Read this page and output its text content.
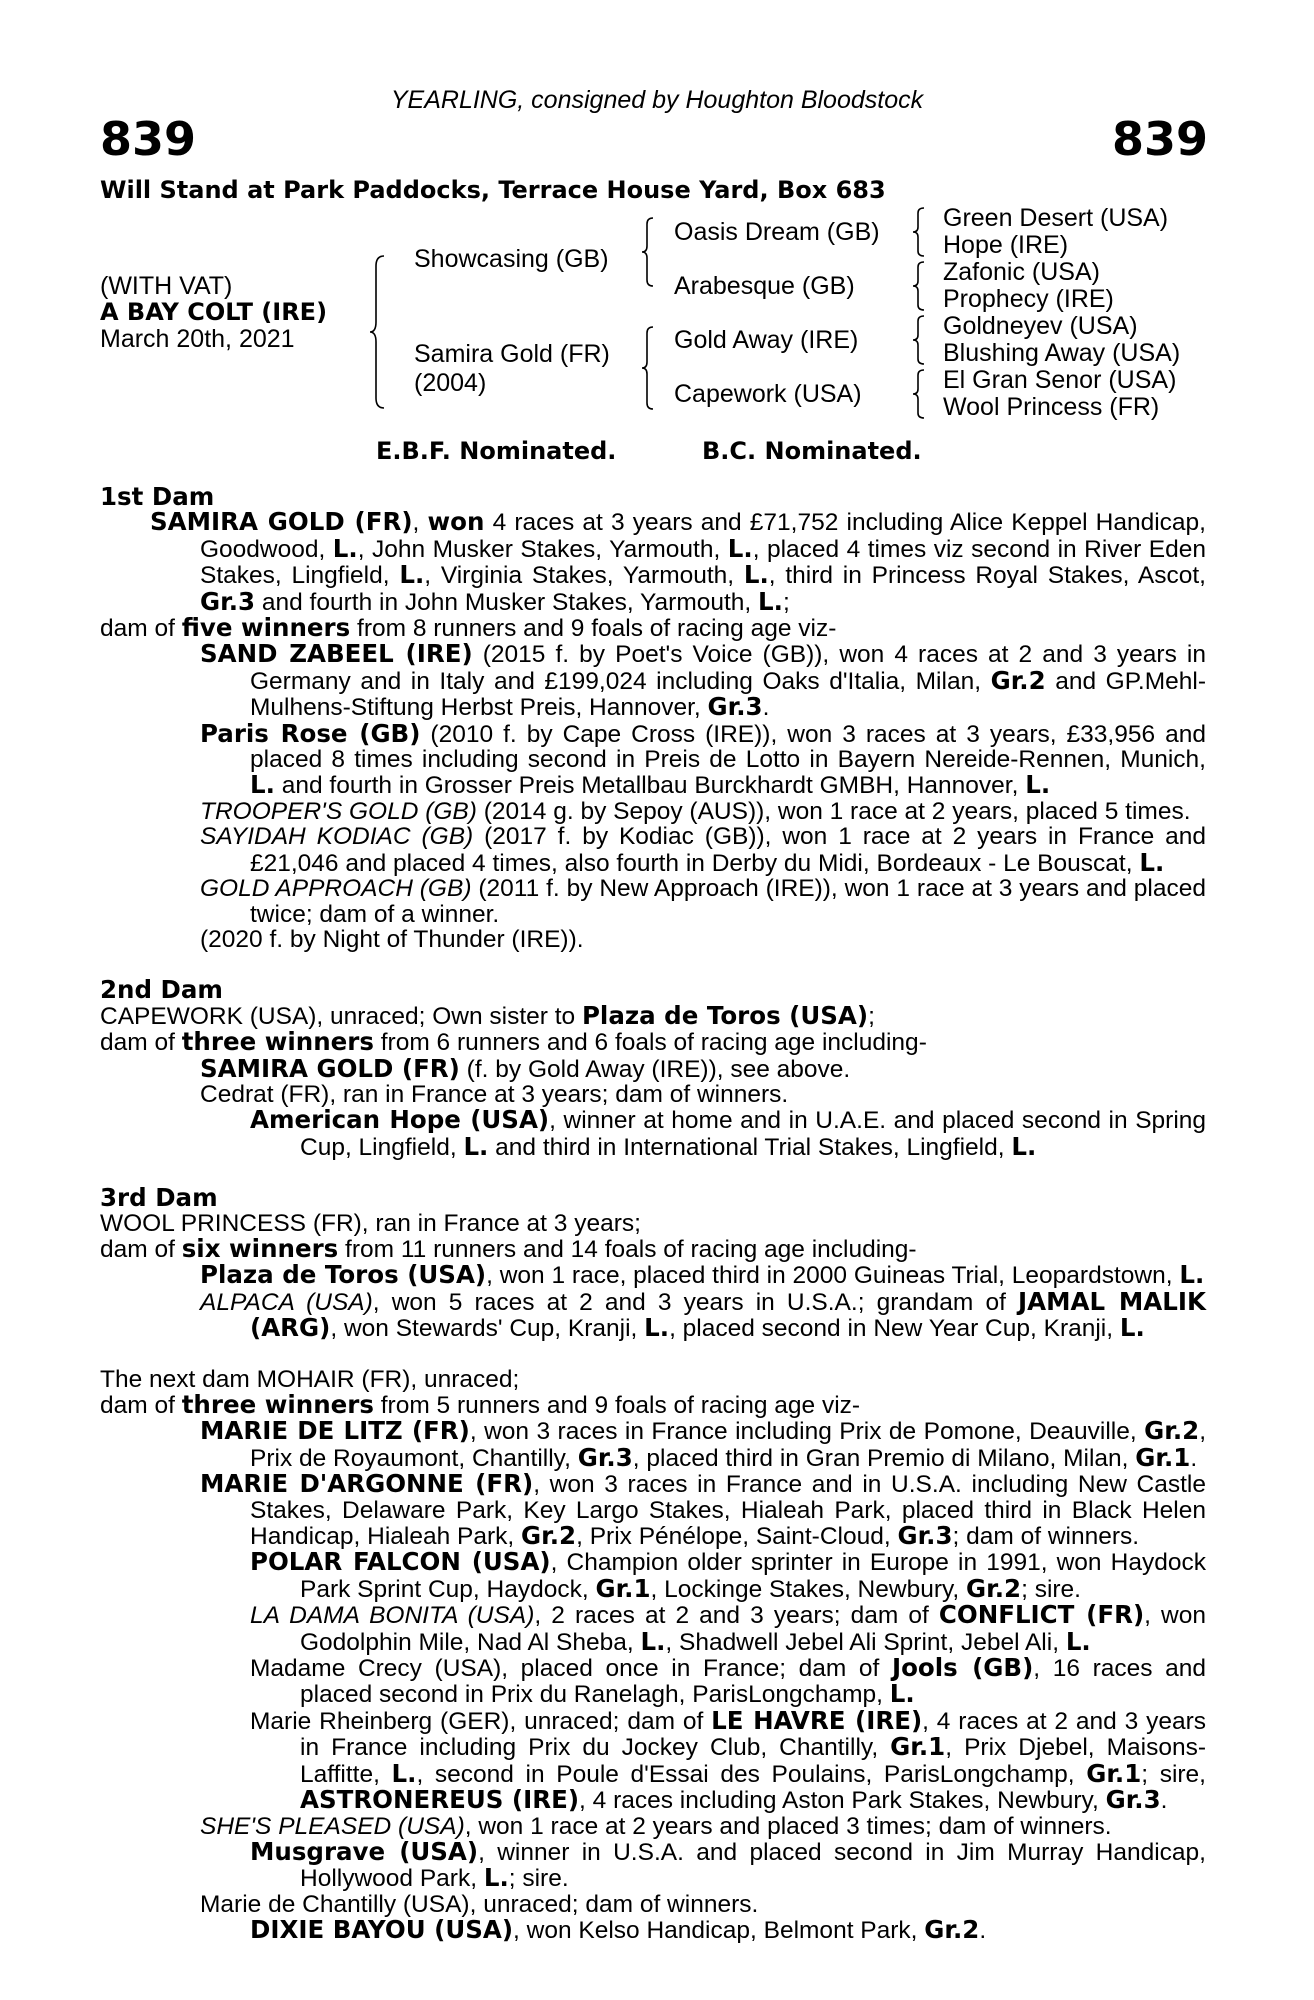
YEARLING, consigned by Houghton Bloodstock
839	839
Will Stand at Park Paddocks, Terrace House Yard, Box 683
(WITH VAT)
A BAY COLT (IRE)
March 20th, 2021
Showcasing (GB)
Samira Gold (FR)
(2004)
Oasis Dream (GB)
Arabesque (GB)
Gold Away (IRE)
Capework (USA)
Green Desert (USA)
Hope (IRE)
Zafonic (USA)
Prophecy (IRE)
Goldneyev (USA)
Blushing Away (USA)
El Gran Senor (USA)
Wool Princess (FR)
E.B.F. Nominated.	B.C. Nominated.

1st Dam

SAMIRA GOLD (FR), won 4 races at 3 years and £71,752 including Alice Keppel Handicap, Goodwood, L., John Musker Stakes, Yarmouth, L., placed 4 times viz second in River Eden Stakes, Lingfield, L., Virginia Stakes, Yarmouth, L., third in Princess Royal Stakes, Ascot, Gr.3 and fourth in John Musker Stakes, Yarmouth, L.;

dam of five winners from 8 runners and 9 foals of racing age viz-

SAND ZABEEL (IRE) (2015 f. by Poet's Voice (GB)), won 4 races at 2 and 3 years in Germany and in Italy and £199,024 including Oaks d'Italia, Milan, Gr.2 and GP.Mehl-Mulhens-Stiftung Herbst Preis, Hannover, Gr.3.

Paris Rose (GB) (2010 f. by Cape Cross (IRE)), won 3 races at 3 years, £33,956 and placed 8 times including second in Preis de Lotto in Bayern Nereide-Rennen, Munich, L. and fourth in Grosser Preis Metallbau Burckhardt GMBH, Hannover, L.

TROOPER'S GOLD (GB) (2014 g. by Sepoy (AUS)), won 1 race at 2 years, placed 5 times.

SAYIDAH KODIAC (GB) (2017 f. by Kodiac (GB)), won 1 race at 2 years in France and £21,046 and placed 4 times, also fourth in Derby du Midi, Bordeaux - Le Bouscat, L.

GOLD APPROACH (GB) (2011 f. by New Approach (IRE)), won 1 race at 3 years and placed twice; dam of a winner.

(2020 f. by Night of Thunder (IRE)).

2nd Dam

CAPEWORK (USA), unraced; Own sister to Plaza de Toros (USA);

dam of three winners from 6 runners and 6 foals of racing age including-

SAMIRA GOLD (FR) (f. by Gold Away (IRE)), see above.

Cedrat (FR), ran in France at 3 years; dam of winners.

American Hope (USA), winner at home and in U.A.E. and placed second in Spring Cup, Lingfield, L. and third in International Trial Stakes, Lingfield, L.

3rd Dam

WOOL PRINCESS (FR), ran in France at 3 years;

dam of six winners from 11 runners and 14 foals of racing age including-

Plaza de Toros (USA), won 1 race, placed third in 2000 Guineas Trial, Leopardstown, L.

ALPACA (USA), won 5 races at 2 and 3 years in U.S.A.; grandam of JAMAL MALIK (ARG), won Stewards' Cup, Kranji, L., placed second in New Year Cup, Kranji, L.

The next dam MOHAIR (FR), unraced;

dam of three winners from 5 runners and 9 foals of racing age viz-

MARIE DE LITZ (FR), won 3 races in France including Prix de Pomone, Deauville, Gr.2, Prix de Royaumont, Chantilly, Gr.3, placed third in Gran Premio di Milano, Milan, Gr.1.

MARIE D'ARGONNE (FR), won 3 races in France and in U.S.A. including New Castle Stakes, Delaware Park, Key Largo Stakes, Hialeah Park, placed third in Black Helen Handicap, Hialeah Park, Gr.2, Prix Pénélope, Saint-Cloud, Gr.3; dam of winners.

POLAR FALCON (USA), Champion older sprinter in Europe in 1991, won Haydock Park Sprint Cup, Haydock, Gr.1, Lockinge Stakes, Newbury, Gr.2; sire.

LA DAMA BONITA (USA), 2 races at 2 and 3 years; dam of CONFLICT (FR), won Godolphin Mile, Nad Al Sheba, L., Shadwell Jebel Ali Sprint, Jebel Ali, L.

Madame Crecy (USA), placed once in France; dam of Jools (GB), 16 races and placed second in Prix du Ranelagh, ParisLongchamp, L.

Marie Rheinberg (GER), unraced; dam of LE HAVRE (IRE), 4 races at 2 and 3 years in France including Prix du Jockey Club, Chantilly, Gr.1, Prix Djebel, Maisons-Laffitte, L., second in Poule d'Essai des Poulains, ParisLongchamp, Gr.1; sire, ASTRONEREUS (IRE), 4 races including Aston Park Stakes, Newbury, Gr.3.

SHE'S PLEASED (USA), won 1 race at 2 years and placed 3 times; dam of winners.

Musgrave (USA), winner in U.S.A. and placed second in Jim Murray Handicap, Hollywood Park, L.; sire.

Marie de Chantilly (USA), unraced; dam of winners.

DIXIE BAYOU (USA), won Kelso Handicap, Belmont Park, Gr.2.
